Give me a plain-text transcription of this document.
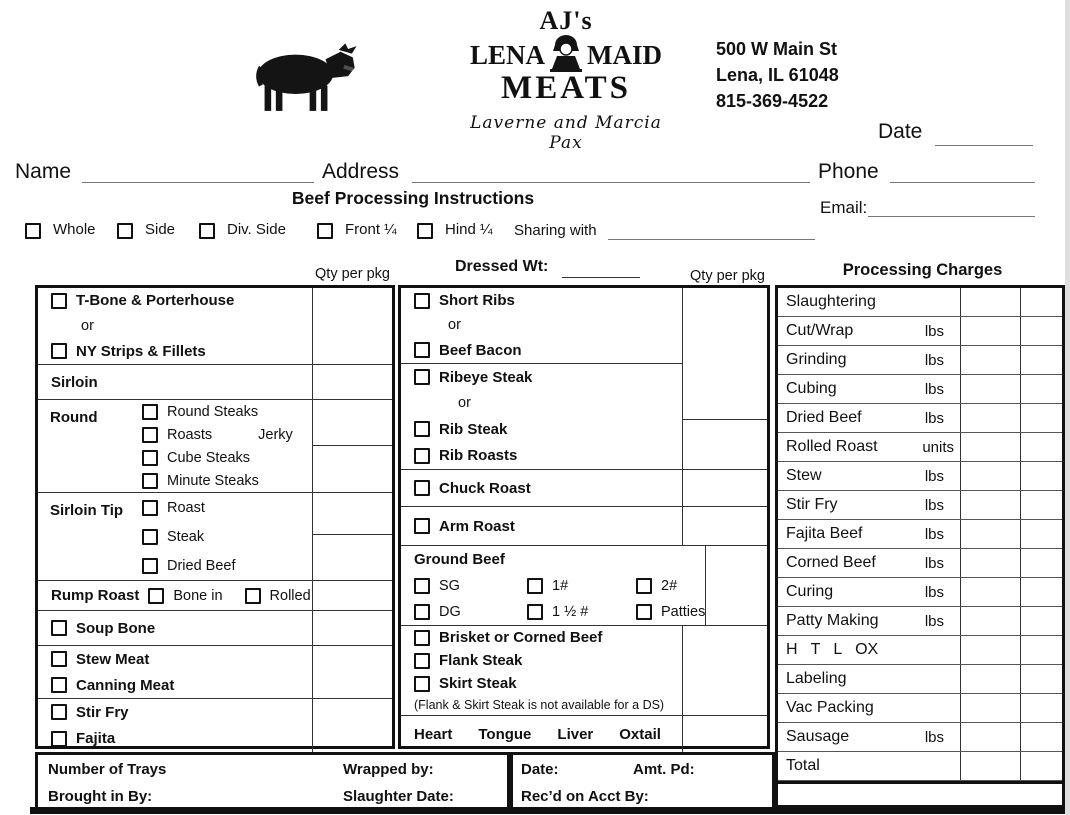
AJ's
LENA MAID
MEATS
Laverne and Marcia Pax
500 W Main St
Lena, IL 61048
815-369-4522
Date
Name	Address	Phone
Beef Processing Instructions	Email:
Whole	Side	Div. Side	Front ¼	Hind ¼ Sharing with
Qty per pkg	Dressed Wt:
Qty per pkg	Processing Charges
T-Bone & Porterhouse
or
NY Strips & Fillets
Sirloin
Round	Round Steaks
Roasts	Jerky
Cube Steaks
Minute Steaks
Sirloin Tip	Roast
Steak
Dried Beef
Rump Roast Bone in	Rolled
Soup Bone
Stew Meat
Canning Meat
Stir Fry
Fajita
Short Ribs
or
Beef Bacon
Ribeye Steak
or
Rib Steak
Rib Roasts
Chuck Roast
Arm Roast
Ground Beef
SG	1#	2#
DG	1 ½ #	Patties
Brisket or Corned Beef
Flank Steak
Skirt Steak
(Flank & Skirt Steak is not available for a DS)
Heart Tongue Liver Oxtail
Slaughtering
Cut/Wrap	lbs
Grinding	lbs
Cubing	lbs
Dried Beef	lbs
Rolled Roast	units
Stew	lbs
Stir Fry	lbs
Fajita Beef	lbs
Corned Beef	lbs
Curing	lbs
Patty Making	lbs
H   T   L   OX
Labeling
Vac Packing
Sausage	lbs
Total
Number of Trays	Wrapped by:
Brought in By:	Slaughter Date:
Date:	Amt. Pd:
Rec’d on Acct By:
